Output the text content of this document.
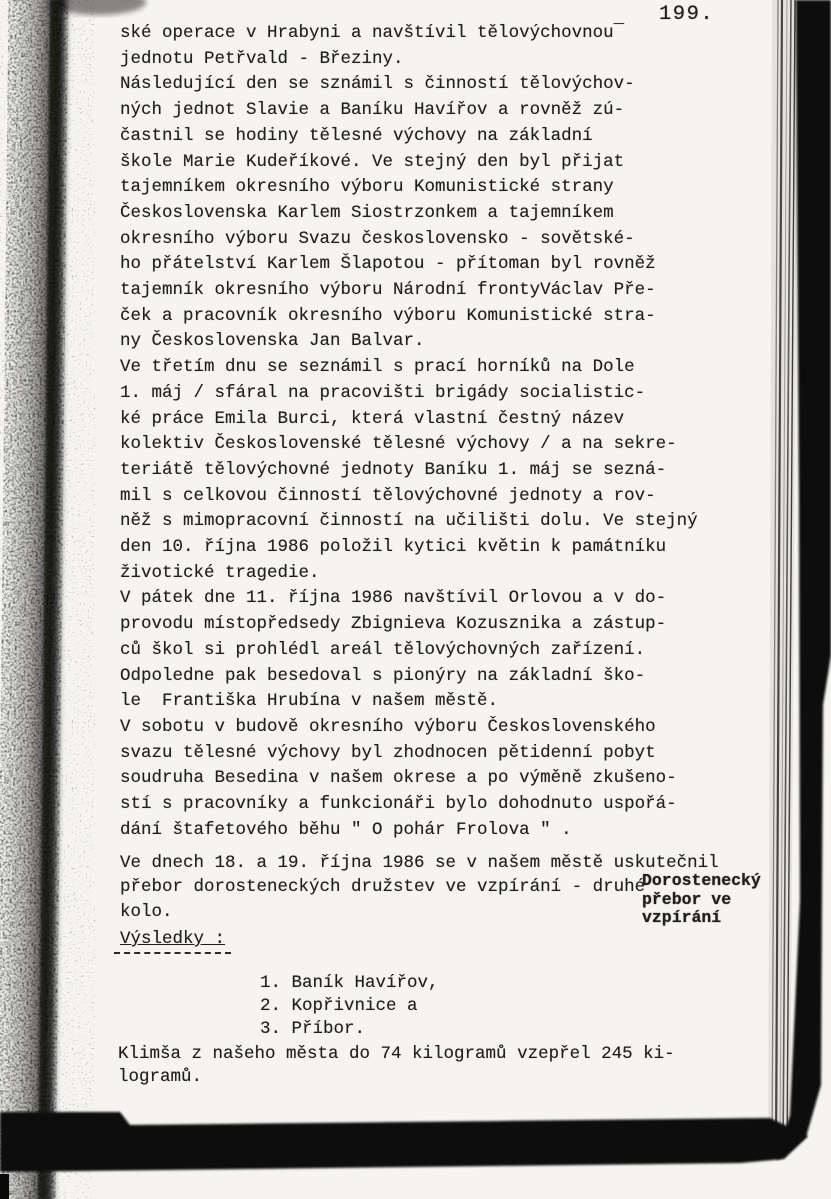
199.
ské operace v Hrabyni a navštívil tělovýchovnou¯
jednotu Petřvald - Březiny.
Následující den se sznámil s činností tělovýchov-
ných jednot Slavie a Baníku Havířov a rovněž zú-
častnil se hodiny tělesné výchovy na základní
škole Marie Kudeříkové. Ve stejný den byl přijat
tajemníkem okresního výboru Komunistické strany
Československa Karlem Siostrzonkem a tajemníkem
okresního výboru Svazu československo - sovětské-
ho přátelství Karlem Šlapotou - přítoman byl rovněž
tajemník okresního výboru Národní frontyVáclav Pře-
ček a pracovník okresního výboru Komunistické stra-
ny Československa Jan Balvar.
Ve třetím dnu se seznámil s prací horníků na Dole
1. máj / sfáral na pracovišti brigády socialistic-
ké práce Emila Burci, která vlastní čestný název
kolektiv Československé tělesné výchovy / a na sekre-
teriátě tělovýchovné jednoty Baníku 1. máj se sezná-
mil s celkovou činností tělovýchovné jednoty a rov-
něž s mimopracovní činností na učilišti dolu. Ve stejný
den 10. října 1986 položil kytici květin k památníku
životické tragedie.
V pátek dne 11. října 1986 navštívil Orlovou a v do-
provodu místopředsedy Zbignieva Kozusznika a zástup-
ců škol si prohlédl areál tělovýchovných zařízení.
Odpoledne pak besedoval s pionýry na základní ško-
le  Františka Hrubína v našem městě.
V sobotu v budově okresního výboru Československého
svazu tělesné výchovy byl zhodnocen pětidenní pobyt
soudruha Besedina v našem okrese a po výměně zkušeno-
stí s pracovníky a funkcionáři bylo dohodnuto uspořá-
dání štafetového běhu " O pohár Frolova " .
Ve dnech 18. a 19. října 1986 se v našem městě uskutečnil
přebor dorosteneckých družstev ve vzpírání - druhé
kolo.
Dorostenecký
přebor ve
vzpírání
Výsledky :
1. Baník Havířov,
2. Kopřivnice a
3. Příbor.
Klimša z našeho města do 74 kilogramů vzepřel 245 ki-
logramů.
